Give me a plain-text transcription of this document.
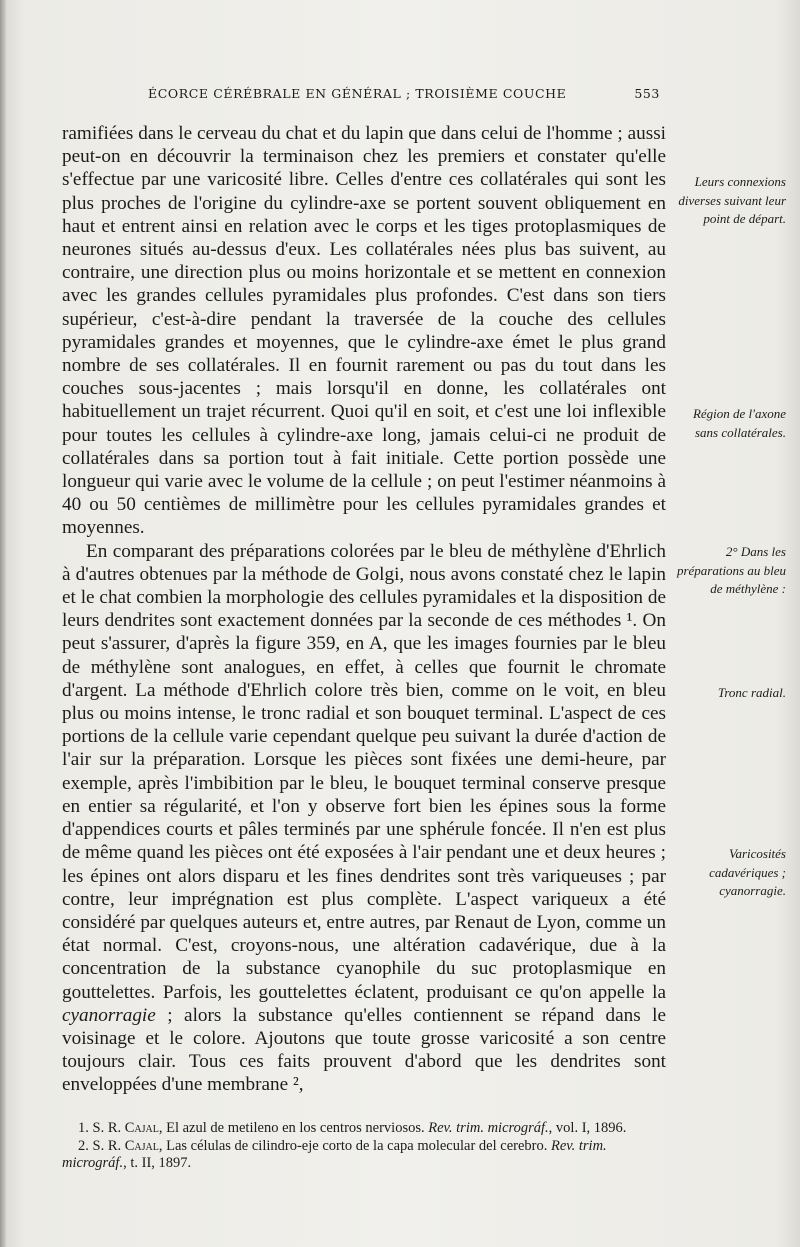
ÉCORCE CÉRÉBRALE EN GÉNÉRAL ; TROISIÈME COUCHE	553

ramifiées dans le cerveau du chat et du lapin que dans celui de l'homme ; aussi peut-on en découvrir la terminaison chez les premiers et constater qu'elle s'effectue par une varicosité libre. Celles d'entre ces collatérales qui sont les plus proches de l'origine du cylindre-axe se portent souvent obliquement en haut et entrent ainsi en relation avec le corps et les tiges protoplasmiques de neurones situés au-dessus d'eux. Les collatérales nées plus bas suivent, au contraire, une direction plus ou moins horizontale et se mettent en connexion avec les grandes cellules pyramidales plus profondes. C'est dans son tiers supérieur, c'est-à-dire pendant la traversée de la couche des cellules pyramidales grandes et moyennes, que le cylindre-axe émet le plus grand nombre de ses collatérales. Il en fournit rarement ou pas du tout dans les couches sous-jacentes ; mais lorsqu'il en donne, les collatérales ont habituellement un trajet récurrent. Quoi qu'il en soit, et c'est une loi inflexible pour toutes les cellules à cylindre-axe long, jamais celui-ci ne produit de collatérales dans sa portion tout à fait initiale. Cette portion possède une longueur qui varie avec le volume de la cellule ; on peut l'estimer néanmoins à 40 ou 50 centièmes de millimètre pour les cellules pyramidales grandes et moyennes.

En comparant des préparations colorées par le bleu de méthylène d'Ehrlich à d'autres obtenues par la méthode de Golgi, nous avons constaté chez le lapin et le chat combien la morphologie des cellules pyramidales et la disposition de leurs dendrites sont exactement données par la seconde de ces méthodes ¹. On peut s'assurer, d'après la figure 359, en A, que les images fournies par le bleu de méthylène sont analogues, en effet, à celles que fournit le chromate d'argent. La méthode d'Ehrlich colore très bien, comme on le voit, en bleu plus ou moins intense, le tronc radial et son bouquet terminal. L'aspect de ces portions de la cellule varie cependant quelque peu suivant la durée d'action de l'air sur la préparation. Lorsque les pièces sont fixées une demi-heure, par exemple, après l'imbibition par le bleu, le bouquet terminal conserve presque en entier sa régularité, et l'on y observe fort bien les épines sous la forme d'appendices courts et pâles terminés par une sphérule foncée. Il n'en est plus de même quand les pièces ont été exposées à l'air pendant une et deux heures ; les épines ont alors disparu et les fines dendrites sont très variqueuses ; par contre, leur imprégnation est plus complète. L'aspect variqueux a été considéré par quelques auteurs et, entre autres, par Renaut de Lyon, comme un état normal. C'est, croyons-nous, une altération cadavérique, due à la concentration de la substance cyanophile du suc protoplasmique en gouttelettes. Parfois, les gouttelettes éclatent, produisant ce qu'on appelle la cyanorragie ; alors la substance qu'elles contiennent se répand dans le voisinage et le colore. Ajoutons que toute grosse varicosité a son centre toujours clair. Tous ces faits prouvent d'abord que les dendrites sont enveloppées d'une membrane ²,

Leurs connexions diverses suivant leur point de départ.
Région de l'axone sans collatérales.
2° Dans les préparations au bleu de méthylène :
Tronc radial.
Varicosités cadavériques ; cyanorragie.
1. S. R. Cajal, El azul de metileno en los centros nerviosos. Rev. trim. micrográf., vol. I, 1896.
2. S. R. Cajal, Las células de cilindro-eje corto de la capa molecular del cerebro. Rev. trim. micrográf., t. II, 1897.
